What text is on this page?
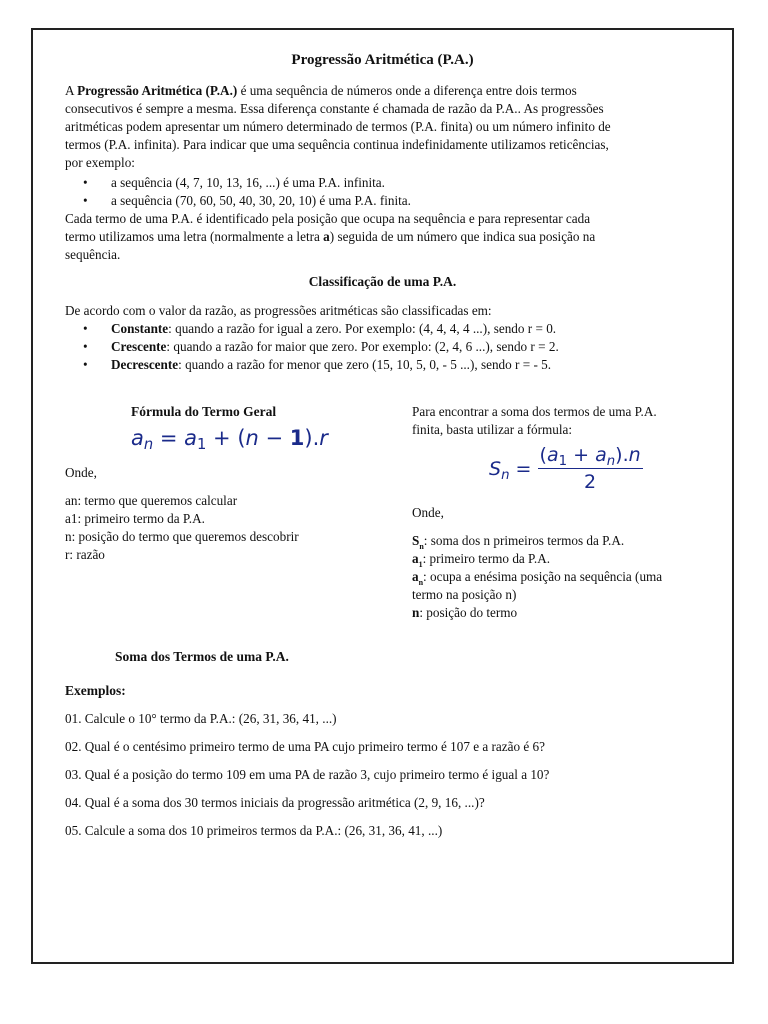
Progressão Aritmética (P.A.)
A Progressão Aritmética (P.A.) é uma sequência de números onde a diferença entre dois termos
consecutivos é sempre a mesma. Essa diferença constante é chamada de razão da P.A.. As progressões
aritméticas podem apresentar um número determinado de termos (P.A. finita) ou um número infinito de
termos (P.A. infinita). Para indicar que uma sequência continua indefinidamente utilizamos reticências,
por exemplo:
• a sequência (4, 7, 10, 13, 16, ...) é uma P.A. infinita.
• a sequência (70, 60, 50, 40, 30, 20, 10) é uma P.A. finita.
Cada termo de uma P.A. é identificado pela posição que ocupa na sequência e para representar cada
termo utilizamos uma letra (normalmente a letra a) seguida de um número que indica sua posição na
sequência.
Classificação de uma P.A.
De acordo com o valor da razão, as progressões aritméticas são classificadas em:
• Constante: quando a razão for igual a zero. Por exemplo: (4, 4, 4, 4 ...), sendo r = 0.
• Crescente: quando a razão for maior que zero. Por exemplo: (2, 4, 6 ...), sendo r = 2.
• Decrescente: quando a razão for menor que zero (15, 10, 5, 0, - 5 ...), sendo r = - 5.
Fórmula do Termo Geral
$a_n = a_1 + (n - 1).r$
Onde,
an: termo que queremos calcular
a1: primeiro termo da P.A.
n: posição do termo que queremos descobrir
r: razão
Para encontrar a soma dos termos de uma P.A.
finita, basta utilizar a fórmula:
$S_n = \frac{(a_1 + a_n).n}{2}$
Onde,
$S_n$: soma dos n primeiros termos da P.A.
$a_1$: primeiro termo da P.A.
$a_n$: ocupa a enésima posição na sequência (uma
termo na posição n)
n: posição do termo
Soma dos Termos de uma P.A.
Exemplos:
01. Calcule o 10° termo da P.A.: (26, 31, 36, 41, ...)
02. Qual é o centésimo primeiro termo de uma PA cujo primeiro termo é 107 e a razão é 6?
03. Qual é a posição do termo 109 em uma PA de razão 3, cujo primeiro termo é igual a 10?
04. Qual é a soma dos 30 termos iniciais da progressão aritmética (2, 9, 16, ...)?
05. Calcule a soma dos 10 primeiros termos da P.A.: (26, 31, 36, 41, ...)
